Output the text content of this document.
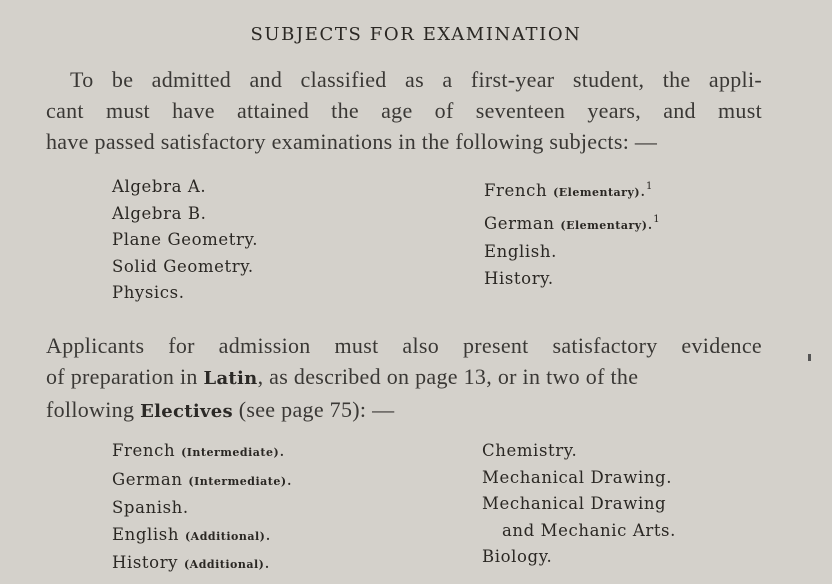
SUBJECTS FOR EXAMINATION
To be admitted and classified as a first-year student, the appli-
cant must have attained the age of seventeen years, and must
have passed satisfactory examinations in the following subjects: —
Algebra A.
Algebra B.
Plane Geometry.
Solid Geometry.
Physics.
French (Elementary).$^1$
German (Elementary).$^1$
English.
History.
Applicants for admission must also present satisfactory evidence
of preparation in Latin, as described on page 13, or in two of the
following Electives (see page 75): —
French (Intermediate).
German (Intermediate).
Spanish.
English (Additional).
History (Additional).
Chemistry.
Mechanical Drawing.
Mechanical Drawing
and Mechanic Arts.
Biology.
